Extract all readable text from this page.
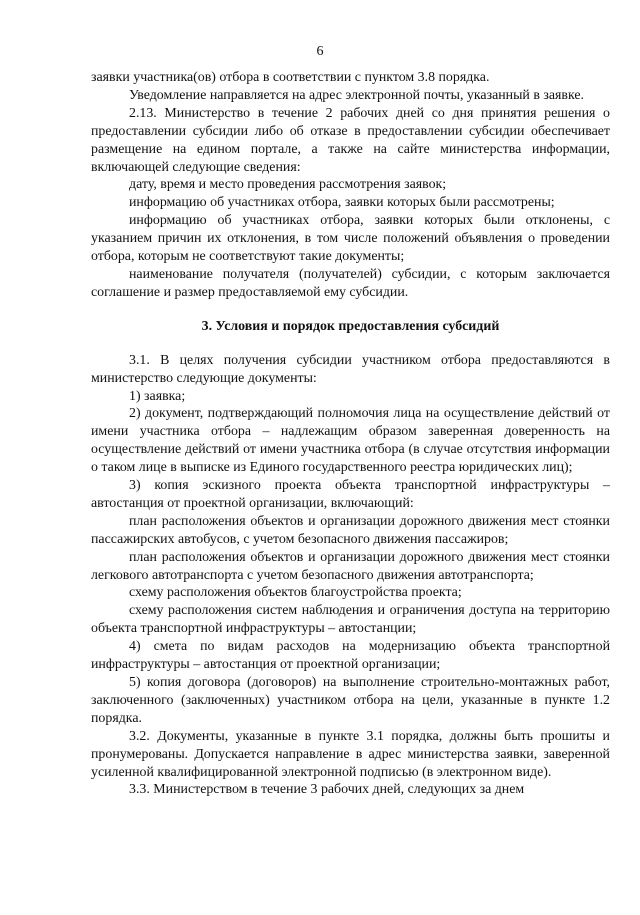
6

заявки участника(ов) отбора в соответствии с пунктом 3.8 порядка.

Уведомление направляется на адрес электронной почты, указанный в заявке.

2.13. Министерство в течение 2 рабочих дней со дня принятия решения о предоставлении субсидии либо об отказе в предоставлении субсидии обеспечивает размещение на едином портале, а также на сайте министерства информации, включающей следующие сведения:

дату, время и место проведения рассмотрения заявок;

информацию об участниках отбора, заявки которых были рассмотрены;

информацию об участниках отбора, заявки которых были отклонены, с указанием причин их отклонения, в том числе положений объявления о проведении отбора, которым не соответствуют такие документы;

наименование получателя (получателей) субсидии, с которым заключается соглашение и размер предоставляемой ему субсидии.

3. Условия и порядок предоставления субсидий

3.1. В целях получения субсидии участником отбора предоставляются в министерство следующие документы:

1) заявка;

2) документ, подтверждающий полномочия лица на осуществление действий от имени участника отбора – надлежащим образом заверенная доверенность на осуществление действий от имени участника отбора (в случае отсутствия информации о таком лице в выписке из Единого государственного реестра юридических лиц);

3) копия эскизного проекта объекта транспортной инфраструктуры – автостанция от проектной организации, включающий:

план расположения объектов и организации дорожного движения мест стоянки пассажирских автобусов, с учетом безопасного движения пассажиров;

план расположения объектов и организации дорожного движения мест стоянки легкового автотранспорта с учетом безопасного движения автотранспорта;

схему расположения объектов благоустройства проекта;

схему расположения систем наблюдения и ограничения доступа на территорию объекта транспортной инфраструктуры – автостанции;

4) смета по видам расходов на модернизацию объекта транспортной инфраструктуры – автостанция от проектной организации;

5) копия договора (договоров) на выполнение строительно-монтажных работ, заключенного (заключенных) участником отбора на цели, указанные в пункте 1.2 порядка.

3.2. Документы, указанные в пункте 3.1 порядка, должны быть прошиты и пронумерованы. Допускается направление в адрес министерства заявки, заверенной усиленной квалифицированной электронной подписью (в электронном виде).

3.3. Министерством в течение 3 рабочих дней, следующих за днем
